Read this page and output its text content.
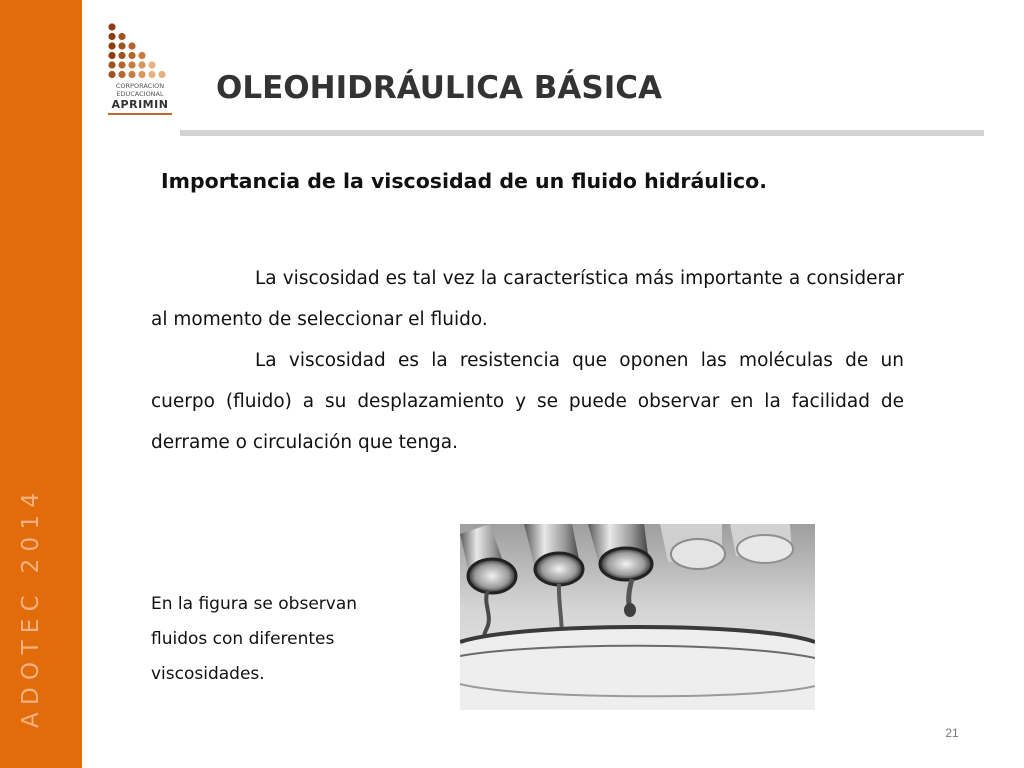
ADOTEC 2014
CORPORACION
EDUCACIONAL
APRIMIN OLEOHIDRÁULICA BÁSICA
Importancia de la viscosidad de un fluido hidráulico.

La viscosidad es tal vez la característica más importante a considerar al momento de seleccionar el fluido.

La viscosidad es la resistencia que oponen las moléculas de un cuerpo (fluido) a su desplazamiento y se puede observar en la facilidad de derrame o circulación que tenga.

En la figura se observan
fluidos con diferentes
viscosidades.
21
